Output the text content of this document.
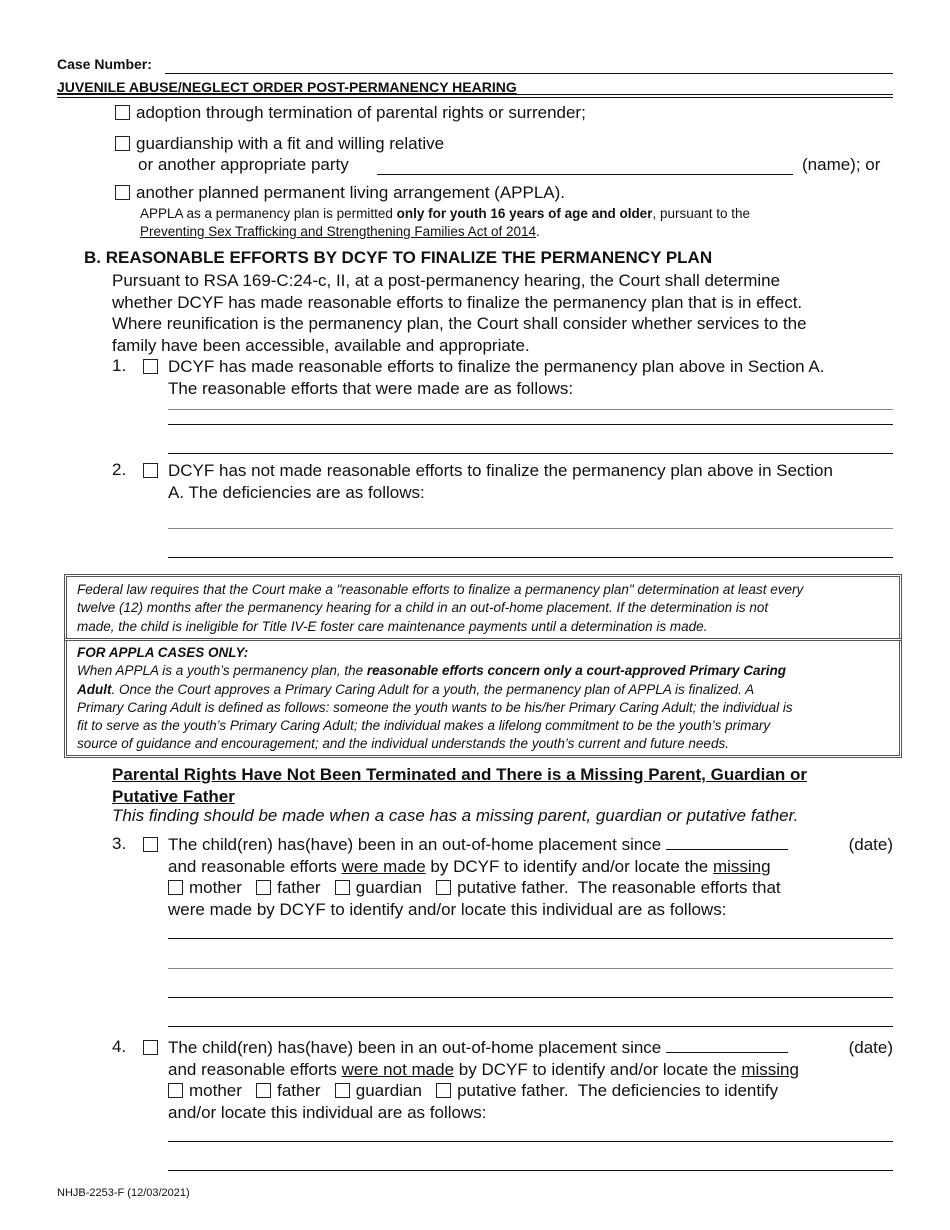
Case Number:
JUVENILE ABUSE/NEGLECT ORDER POST-PERMANENCY HEARING
adoption through termination of parental rights or surrender;
guardianship with a fit and willing relative
or another appropriate party	(name); or
another planned permanent living arrangement (APPLA).
APPLA as a permanency plan is permitted only for youth 16 years of age and older, pursuant to the
Preventing Sex Trafficking and Strengthening Families Act of 2014.
B. REASONABLE EFFORTS BY DCYF TO FINALIZE THE PERMANENCY PLAN
Pursuant to RSA 169-C:24-c, II, at a post-permanency hearing, the Court shall determine
whether DCYF has made reasonable efforts to finalize the permanency plan that is in effect.
Where reunification is the permanency plan, the Court shall consider whether services to the
family have been accessible, available and appropriate.
1. DCYF has made reasonable efforts to finalize the permanency plan above in Section A.
The reasonable efforts that were made are as follows:
2. DCYF has not made reasonable efforts to finalize the permanency plan above in Section
A. The deficiencies are as follows:
Federal law requires that the Court make a "reasonable efforts to finalize a permanency plan" determination at least every
twelve (12) months after the permanency hearing for a child in an out-of-home placement. If the determination is not
made, the child is ineligible for Title IV-E foster care maintenance payments until a determination is made.
FOR APPLA CASES ONLY:
When APPLA is a youth’s permanency plan, the reasonable efforts concern only a court-approved Primary Caring
Adult. Once the Court approves a Primary Caring Adult for a youth, the permanency plan of APPLA is finalized. A
Primary Caring Adult is defined as follows: someone the youth wants to be his/her Primary Caring Adult; the individual is
fit to serve as the youth’s Primary Caring Adult; the individual makes a lifelong commitment to be the youth’s primary
source of guidance and encouragement; and the individual understands the youth’s current and future needs.
Parental Rights Have Not Been Terminated and There is a Missing Parent, Guardian or
Putative Father
This finding should be made when a case has a missing parent, guardian or putative father.
3. The child(ren) has(have) been in an out-of-home placement since	(date)
and reasonable efforts were made by DCYF to identify and/or locate the missing
mother father guardian putative father.  The reasonable efforts that
were made by DCYF to identify and/or locate this individual are as follows:
4. The child(ren) has(have) been in an out-of-home placement since	(date)
and reasonable efforts were not made by DCYF to identify and/or locate the missing
mother father guardian putative father.  The deficiencies to identify
and/or locate this individual are as follows:
NHJB-2253-F (12/03/2021)
